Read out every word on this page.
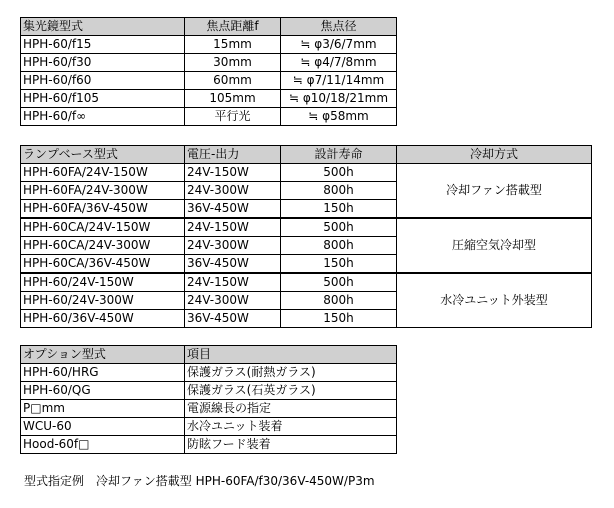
集光鏡型式	焦点距離f	焦点径
HPH-60/f15	15mm	≒ φ3/6/7mm
HPH-60/f30	30mm	≒ φ4/7/8mm
HPH-60/f60	60mm	≒ φ7/11/14mm
HPH-60/f105	105mm	≒ φ10/18/21mm
HPH-60/f∞	平行光	≒ φ58mm
ランプベース型式	電圧-出力	設計寿命	冷却方式
HPH-60FA/24V-150W	24V-150W	500h	冷却ファン搭載型
HPH-60FA/24V-300W	24V-300W	800h	
HPH-60FA/36V-450W	36V-450W	150h	
HPH-60CA/24V-150W	24V-150W	500h	圧縮空気冷却型
HPH-60CA/24V-300W	24V-300W	800h	
HPH-60CA/36V-450W	36V-450W	150h	
HPH-60/24V-150W	24V-150W	500h	水冷ユニット外装型
HPH-60/24V-300W	24V-300W	800h	
HPH-60/36V-450W	36V-450W	150h	
オプション型式	項目
HPH-60/HRG	保護ガラス(耐熱ガラス)
HPH-60/QG	保護ガラス(石英ガラス)
P□mm	電源線長の指定
WCU-60	水冷ユニット装着
Hood-60f□	防眩フード装着
型式指定例　冷却ファン搭載型 HPH-60FA/f30/36V-450W/P3m
